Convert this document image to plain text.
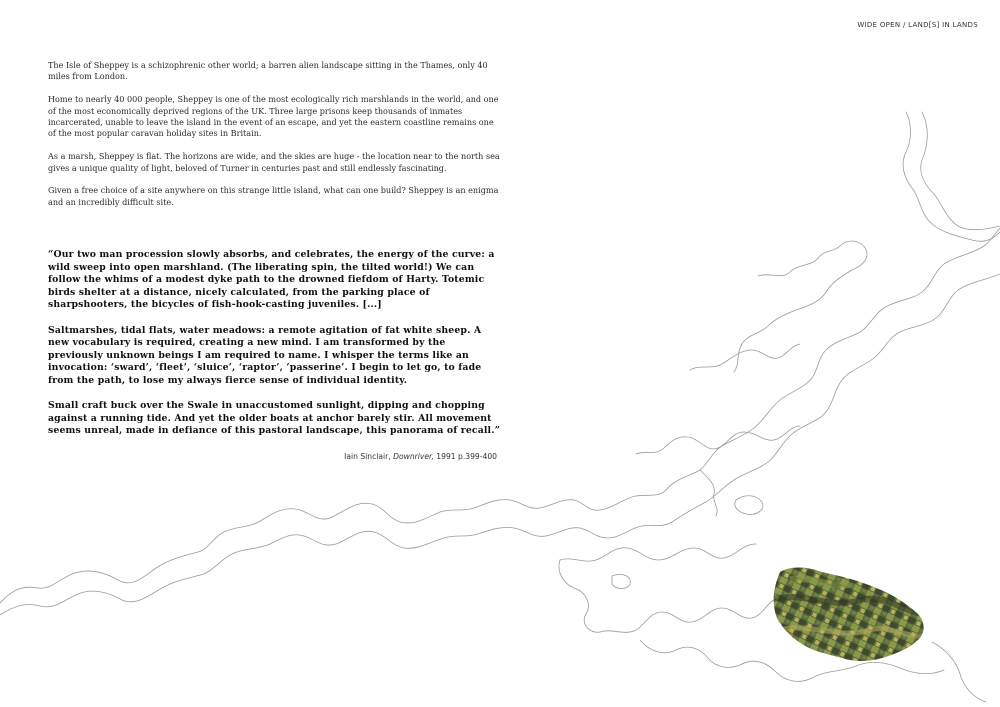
WIDE OPEN / LAND[S] IN LANDS

The Isle of Sheppey is a schizophrenic other world; a barren alien landscape sitting in the Thames, only 40 miles from London.

Home to nearly 40 000 people, Sheppey is one of the most ecologically rich marshlands in the world, and one of the most economically deprived regions of the UK. Three large prisons keep thousands of inmates incarcerated, unable to leave the island in the event of an escape, and yet the eastern coastline remains one of the most popular caravan holiday sites in Britain.

As a marsh, Sheppey is flat. The horizons are wide, and the skies are huge - the location near to the north sea gives a unique quality of light, beloved of Turner in centuries past and still endlessly fascinating.

Given a free choice of a site anywhere on this strange little island, what can one build? Sheppey is an enigma and an incredibly difficult site.

“Our two man procession slowly absorbs, and celebrates, the energy of the curve: a wild sweep into open marshland. (The liberating spin, the tilted world!) We can follow the whims of a modest dyke path to the drowned fiefdom of Harty. Totemic birds shelter at a distance, nicely calculated, from the parking place of sharpshooters, the bicycles of fish-hook-casting juveniles. [...]

Saltmarshes, tidal flats, water meadows: a remote agitation of fat white sheep. A new vocabulary is required, creating a new mind. I am transformed by the previously unknown beings I am required to name. I whisper the terms like an invocation: ‘sward’, ‘fleet’, ‘sluice’, ‘raptor’, ‘passerine’. I begin to let go, to fade from the path, to lose my always fierce sense of individual identity.

Small craft buck over the Swale in unaccustomed sunlight, dipping and chopping against a running tide. And yet the older boats at anchor barely stir. All movement seems unreal, made in defiance of this pastoral landscape, this panorama of recall.”

Iain Sinclair, Downriver, 1991 p.399-400
